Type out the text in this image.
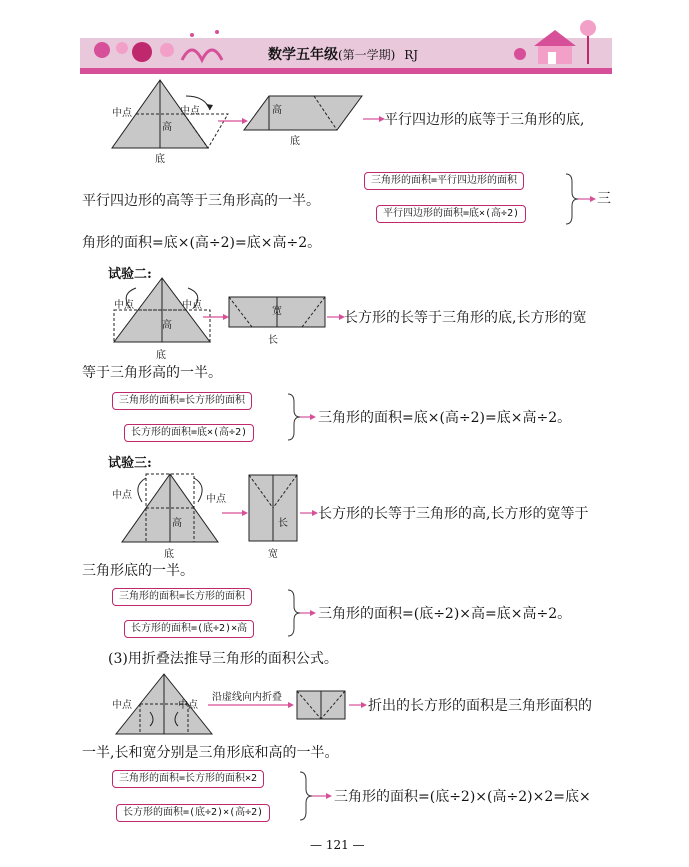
数学五年级(第一学期) RJ
中点	中点
高
底
高
底
平行四边形的底等于三角形的底,
平行四边形的高等于三角形高的一半。
三角形的面积=平行四边形的面积
平行四边形的面积=底×(高÷2)
三
角形的面积=底×(高÷2)=底×高÷2。
试验二:
中点	中点
高
底
宽
长
长方形的长等于三角形的底,长方形的宽
等于三角形高的一半。
三角形的面积=长方形的面积
长方形的面积=底×(高÷2)
三角形的面积=底×(高÷2)=底×高÷2。
试验三:
中点	中点
高
底
长
宽
长方形的长等于三角形的高,长方形的宽等于
三角形底的一半。
三角形的面积=长方形的面积
长方形的面积=(底÷2)×高
三角形的面积=(底÷2)×高=底×高÷2。
(3)用折叠法推导三角形的面积公式。
中点	中点
沿虚线向内折叠
折出的长方形的面积是三角形面积的
一半,长和宽分别是三角形底和高的一半。
三角形的面积=长方形的面积×2
长方形的面积=(底÷2)×(高÷2)
三角形的面积=(底÷2)×(高÷2)×2=底×
— 121 —
